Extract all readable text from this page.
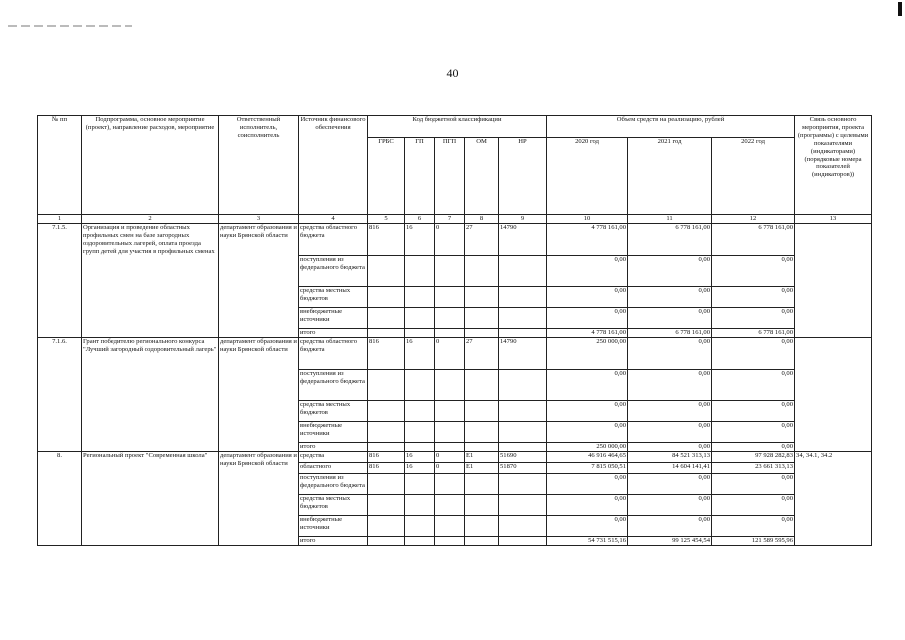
40
№ пп	Подпрограмма, основное мероприятие (проект), направление расходов, мероприятие	Ответственный исполнитель, соисполнитель	Источник финансового обеспечения	Код бюджетной классификации					Объем средств на реализацию, рублей			Связь основного мероприятия, проекта (программы) с целевыми показателями (индикаторами) (порядковые номера показателей (индикаторов))
				ГРБС	ГП	ПГП	ОМ	НР	2020 год	2021 год	2022 год	
1	2	3	4	5	6	7	8	9	10	11	12	13
7.1.5.	Организация и проведение областных профильных смен на базе загородных оздоровительных лагерей, оплата проезда групп детей для участия в профильных сменах	департамент образования и науки Брянской области	средства областного бюджета	816	16	0	27	14790	4 778 161,00	6 778 161,00	6 778 161,00	
			поступления из федерального бюджета						0,00	0,00	0,00	
			средства местных бюджетов						0,00	0,00	0,00	
			внебюджетные источники						0,00	0,00	0,00	
			итого						4 778 161,00	6 778 161,00	6 778 161,00	
7.1.6.	Грант победителю регионального конкурса "Лучший загородный оздоровительный лагерь"	департамент образования и науки Брянской области	средства областного бюджета	816	16	0	27	14790	250 000,00	0,00	0,00	
			поступления из федерального бюджета						0,00	0,00	0,00	
			средства местных бюджетов						0,00	0,00	0,00	
			внебюджетные источники						0,00	0,00	0,00	
			итого						250 000,00	0,00	0,00	
8.	Региональный проект "Современная школа"	департамент образования и науки Брянской области	средства	816	16	0	E1	51690	46 916 464,65	84 521 313,13	97 928 282,83	34, 34.1, 34.2
			областного	816	16	0	E1	51870	7 815 050,51	14 604 141,41	23 661 313,13	
			поступления из федерального бюджета						0,00	0,00	0,00	
			средства местных бюджетов						0,00	0,00	0,00	
			внебюджетные источники						0,00	0,00	0,00	
			итого						54 731 515,16	99 125 454,54	121 589 595,96	
